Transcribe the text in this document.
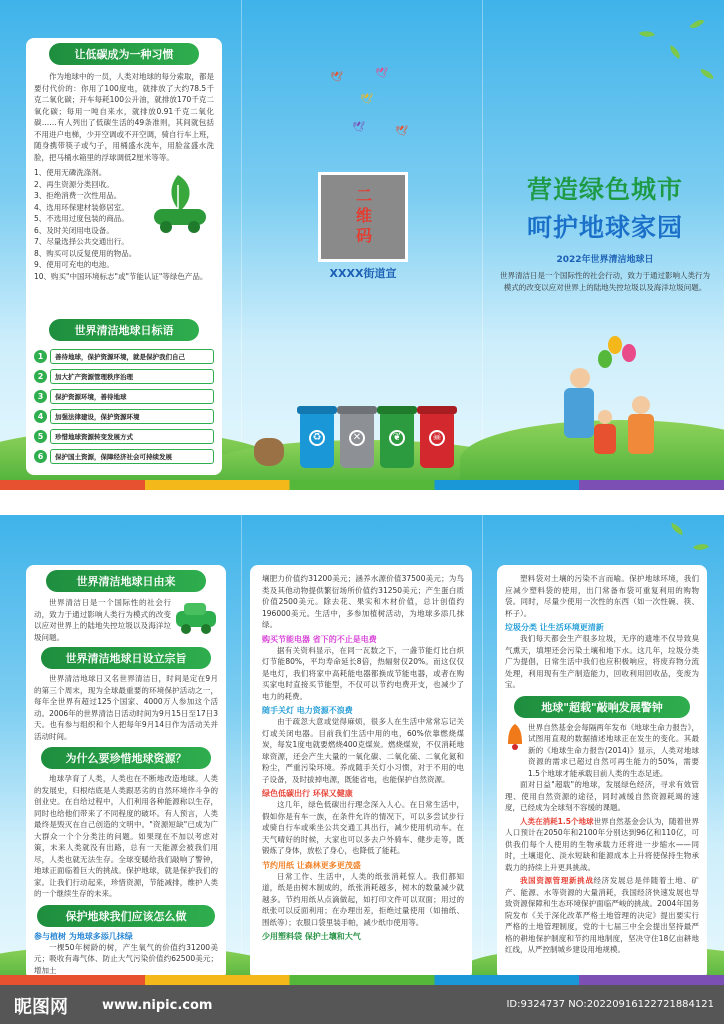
让低碳成为一种习惯

作为地球中的一员，人类对地球的每分索取，都是要付代价的：你用了100度电，就排放了大约78.5千克二氧化碳；开车每耗100公升油，就排放170千克二氧化碳；每用一吨自来水，就排放0.91千克二氧化碳……有人列出了低碳生活的49条准则，其间就包括不用进户电梯，少开空调或不开空调，骑自行车上班，随身携带筷子或勺子，用桶盛水洗车，用脸盆盛水洗脸，把马桶水箱里的浮球调低2厘米等等。

1、使用无磷洗涤剂。
2、再生资源分类回收。
3、拒绝消费一次性用品。
4、选用环保建材装修居室。
5、不选用过度包装的商品。
6、及时关闭用电设备。
7、尽量选择公共交通出行。
8、购买可以反复使用的物品。
9、使用可充电的电池。
10、购买"中国环境标志"或"节能认证"等绿色产品。
世界清洁地球日标语
1	善待地球，保护资源环境，就是保护我们自己
2	加大扩产资源管理秩序治理
3	保护资源环境，善待地球
4	加强法律建设，保护资源环境
5	珍惜地球资源转变发展方式
6	保护国土资源，保障经济社会可持续发展
🕊
🕊
🕊
🕊
🕊
二维码
XXXX街道宣
♻	✕	❦	☠
营造绿色城市
呵护地球家园
2022年世界清洁地球日

世界清洁日是一个国际性的社会行动，致力于通过影响人类行为模式的改变以应对世界上的陆地失控垃圾以及海洋垃圾问题。

世界清洁地球日由来

世界清洁日是一个国际性的社会行动，致力于通过影响人类行为模式的改变以应对世界上的陆地失控垃圾以及海洋垃圾问题。

世界清洁地球日设立宗旨

世界清洁地球日又名世界清洁日，时间是定在9月的第三个周末，现为全球最重要的环境保护活动之一，每年全世界有超过125个国家、4000万人参加这个活动。2006年的世界清洁日活动时间为9月15日至17日3天。也有参与组织和个人把每年9月14日作为活动关并活动时间。

为什么要珍惜地球资源？

地球孕育了人类，人类也在不断地改造地球。人类的发展史，归根结底是人类跟恶劣的自然环境作斗争的创业史。在自给过程中，人们利用各种能源称以生存，同时也给他们带来了不同程度的破坏。有人预言，人类最终是毁灭在自己创造的文明中。"资源短缺"已成为广大群众一个个分类注的问题。如果现在不加以考虑对策，未来人类就没有出路，总有一天能源会被我们用尽，人类也就无法生存。全球变暖给我们敲响了警钟，地球正面临着巨大的挑战。保护地球，就是保护我们的家。让我们行动起来，珍惜资源，节能减排，维护人类的一个继续生存的未来。

保护地球我们应该怎么做
参与植树 为地球多添几抹绿

一棵50年树龄的树，产生氧气的价值约31200美元；吸收有毒气体、防止大气污染价值约62500美元；增加土

壤肥力价值约31200美元；涵养水源价值37500美元；为鸟类及其他动物提供繁衍场所价值约31250美元；产生蛋白质价值2500美元。除去花、果实和木材价值，总计创值约196000美元。生活中，多参加植树活动，为地球多添几抹绿。

购买节能电器 省下的不止是电费

据有关资料显示，在同一瓦数之下，一盏节能灯比白炽灯节能80%，平均寿命延长8倍，热辐射仅20%。而这仅仅是电灯，我们将家中高耗能电器都换成节能电器，或者在购买家电时直接买节能型，不仅可以节约电费开支，也减少了电力的耗费。

随手关灯 电力资源不浪费

由于疏忽大意或觉得麻烦，很多人在生活中常常忘记关灯或关闭电器。目前我们生活中用的电，60%依靠燃烧煤炭，每发1度电就要燃烧400克煤炭。燃烧煤炭，不仅消耗地球资源，还会产生大量的一氧化碳、二氧化硫、二氧化氮和粉尘，严重污染环境。养成随手关灯小习惯，对于不用的电子设备，及时拔掉电源，既能省电，也能保护自然资源。

绿色低碳出行 环保又健康

这几年，绿色低碳出行理念深入人心。在日常生活中，假如你是有车一族，在条件允许的情况下，可以多尝试步行或骑自行车或乘坐公共交通工具出行，减少使用机动车。在天气晴好的时候，大家也可以多去户外骑车、健步走等，既锻炼了身体，放松了身心，也降低了能耗。

节约用纸 让森林更多更茂盛

日常工作、生活中，人类的纸张消耗惊人。我们都知道，纸是由树木制成的，纸张消耗越多，树木的数量减少就越多。节约用纸从点滴做起，如打印文件可以双面；用过的纸张可以反面利用；在办理出差，拒绝过量使用（如抽纸、围纸等）；农服口袋里装手帕，减少纸巾使用等。

少用塑料袋 保护土壤和大气

塑料袋对土壤的污染不言而喻。保护地球环境，我们应减少塑料袋的使用，出门常备布袋可重复利用的购物袋。同时，尽量少使用一次性的东西（如一次性碗、筷、杯子）。

垃圾分类 让生活环境更清新

我们每天都会生产很多垃圾，无序的遗堆不仅导致臭气熏天，填埋还会污染土壤和地下水。这几年，垃圾分类广为提倡，日常生活中我们也应积极响应，将废弃物分流处理，利用现有生产制造能力，回收利用回收品，变废为宝。

地球"超载"敲响发展警钟

世界自然基金会每隔两年发布《地球生命力报告》，试图用直观的数据描述地球正在发生的变化。其最新的《地球生命力报告(2014)》显示，人类对地球资源的需求已超过自然可再生能力的50%，需要1.5个地球才能承载目前人类的生态足迹。

面对日益"超载"的地球，发展绿色经济，寻求有效管理、使用自然资源的途径，同时减缓自然资源耗竭的速度，已经成为全球刻不容缓的课题。

人类在消耗1.5个地球世界自然基金会认为，随着世界人口预计在2050年和2100年分别达到96亿和110亿，可供我们每个人使用的生物承载力还将进一步缩水——同时，土壤退化、淡水短缺和能源成本上升将使保持生物承载力的持续上升更具挑战。

我国资源管理新挑战经济发展总是伴随着土地、矿产、能源、水等资源的大量消耗，我国经济快速发展也导致资源保障和生态环境保护面临严峻的挑战。2004年国务院发布《关于深化改革严格土地管理的决定》提出要实行严格的土地管理制度，党的十七届三中全会提出坚持最严格的耕地保护制度和节约用地制度，坚决守住18亿亩耕地红线，从严控制城乡建设用地规模。

昵图网	www.nipic.com	ID:9324737 NO:20220916122721884121
